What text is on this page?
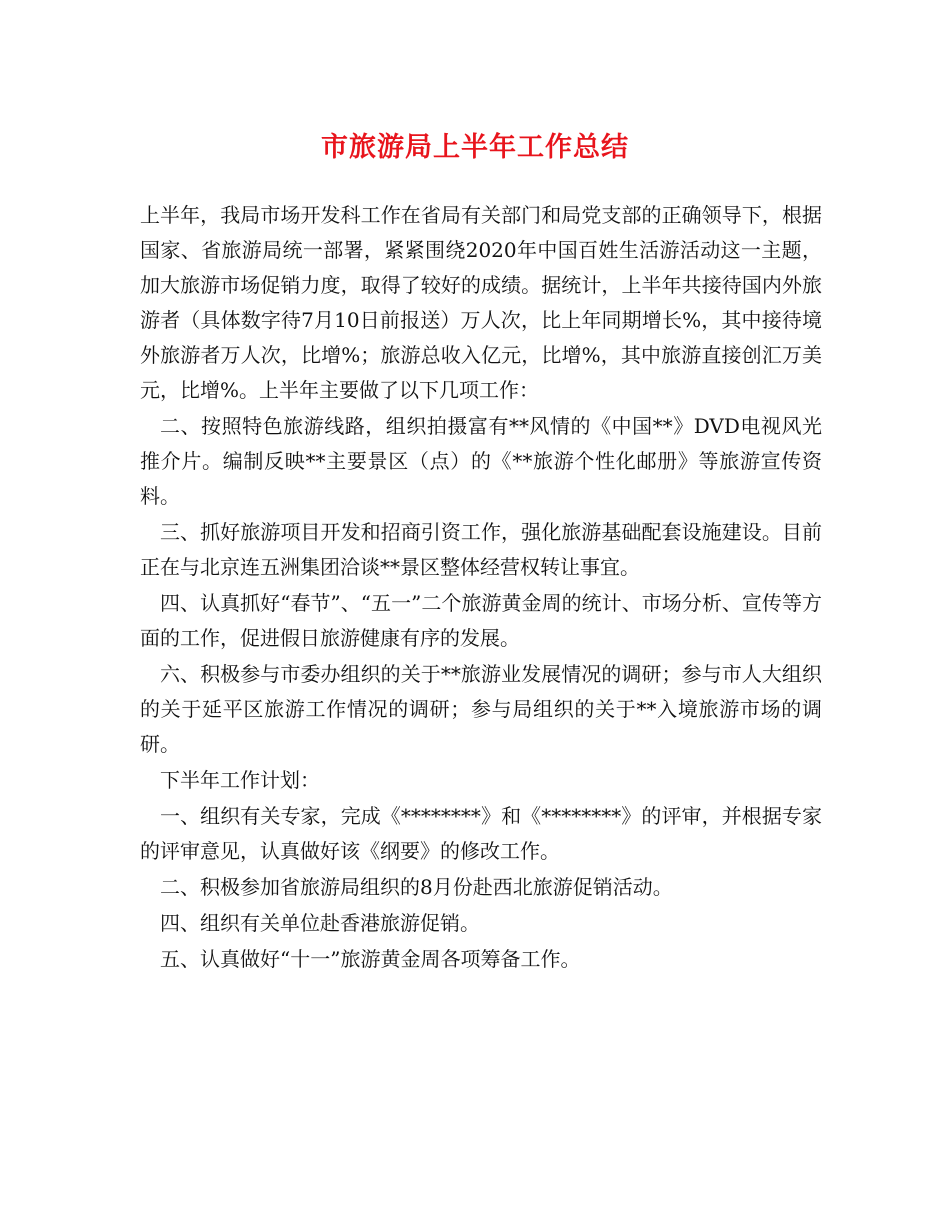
市旅游局上半年工作总结

上半年，我局市场开发科工作在省局有关部门和局党支部的正确领导下，根据国家、省旅游局统一部署，紧紧围绕2020年中国百姓生活游活动这一主题，加大旅游市场促销力度，取得了较好的成绩。据统计，上半年共接待国内外旅游者（具体数字待7月10日前报送）万人次，比上年同期增长%，其中接待境外旅游者万人次，比增%；旅游总收入亿元，比增%，其中旅游直接创汇万美元，比增%。上半年主要做了以下几项工作：

二、按照特色旅游线路，组织拍摄富有**风情的《中国**》DVD电视风光推介片。编制反映**主要景区（点）的《**旅游个性化邮册》等旅游宣传资料。

三、抓好旅游项目开发和招商引资工作，强化旅游基础配套设施建设。目前正在与北京连五洲集团洽谈**景区整体经营权转让事宜。

四、认真抓好“春节”、“五一”二个旅游黄金周的统计、市场分析、宣传等方面的工作，促进假日旅游健康有序的发展。

六、积极参与市委办组织的关于**旅游业发展情况的调研；参与市人大组织的关于延平区旅游工作情况的调研；参与局组织的关于**入境旅游市场的调研。

下半年工作计划：

一、组织有关专家，完成《********》和《********》的评审，并根据专家的评审意见，认真做好该《纲要》的修改工作。

二、积极参加省旅游局组织的8月份赴西北旅游促销活动。

四、组织有关单位赴香港旅游促销。

五、认真做好“十一”旅游黄金周各项筹备工作。
